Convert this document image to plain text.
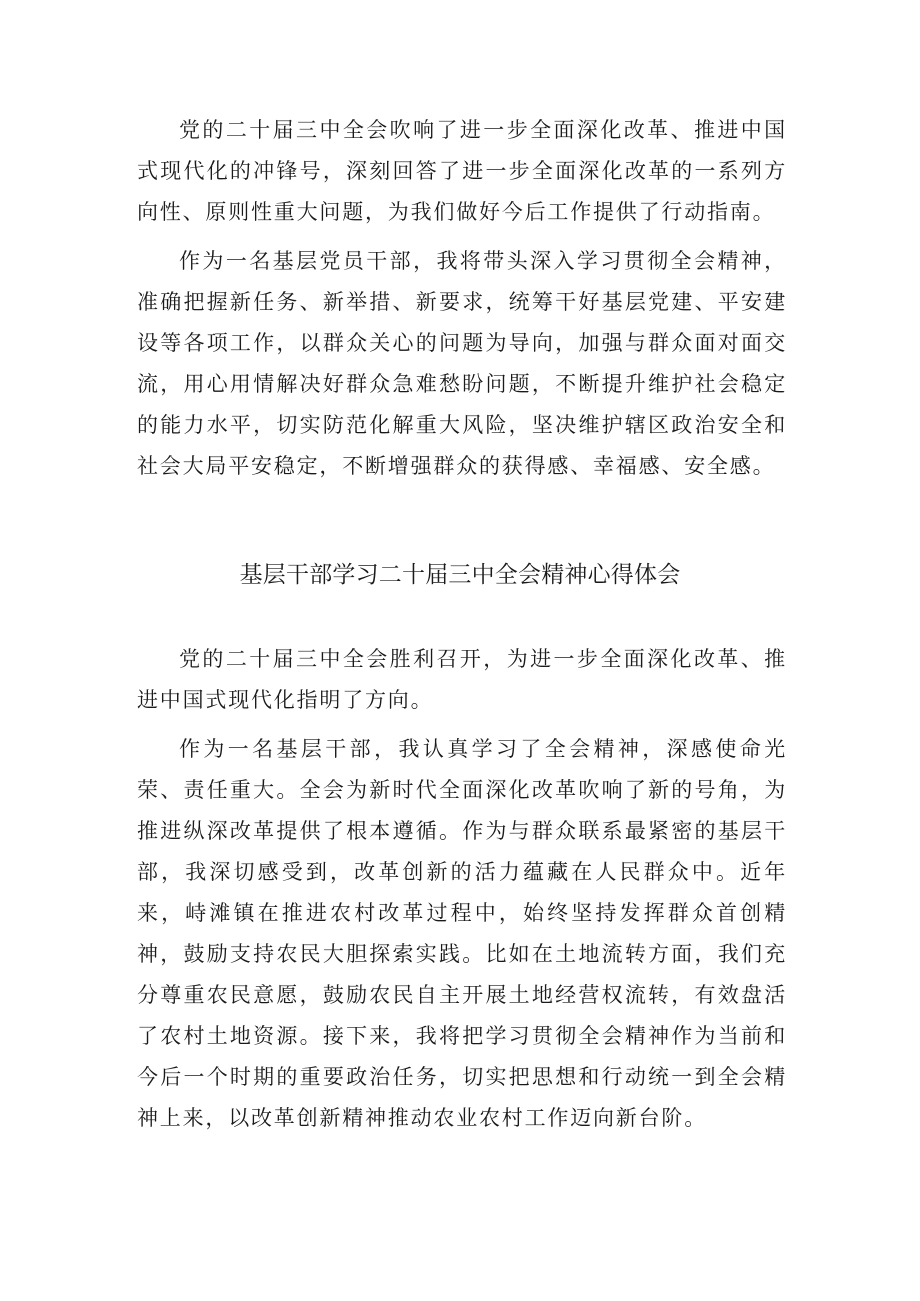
党的二十届三中全会吹响了进一步全面深化改革、推进中国式现代化的冲锋号，深刻回答了进一步全面深化改革的一系列方向性、原则性重大问题，为我们做好今后工作提供了行动指南。

作为一名基层党员干部，我将带头深入学习贯彻全会精神，准确把握新任务、新举措、新要求，统筹干好基层党建、平安建设等各项工作，以群众关心的问题为导向，加强与群众面对面交流，用心用情解决好群众急难愁盼问题，不断提升维护社会稳定的能力水平，切实防范化解重大风险，坚决维护辖区政治安全和社会大局平安稳定，不断增强群众的获得感、幸福感、安全感。

基层干部学习二十届三中全会精神心得体会

党的二十届三中全会胜利召开，为进一步全面深化改革、推进中国式现代化指明了方向。

作为一名基层干部，我认真学习了全会精神，深感使命光荣、责任重大。全会为新时代全面深化改革吹响了新的号角，为推进纵深改革提供了根本遵循。作为与群众联系最紧密的基层干部，我深切感受到，改革创新的活力蕴藏在人民群众中。近年来，峙滩镇在推进农村改革过程中，始终坚持发挥群众首创精神，鼓励支持农民大胆探索实践。比如在土地流转方面，我们充分尊重农民意愿，鼓励农民自主开展土地经营权流转，有效盘活了农村土地资源。接下来，我将把学习贯彻全会精神作为当前和今后一个时期的重要政治任务，切实把思想和行动统一到全会精神上来，以改革创新精神推动农业农村工作迈向新台阶。
